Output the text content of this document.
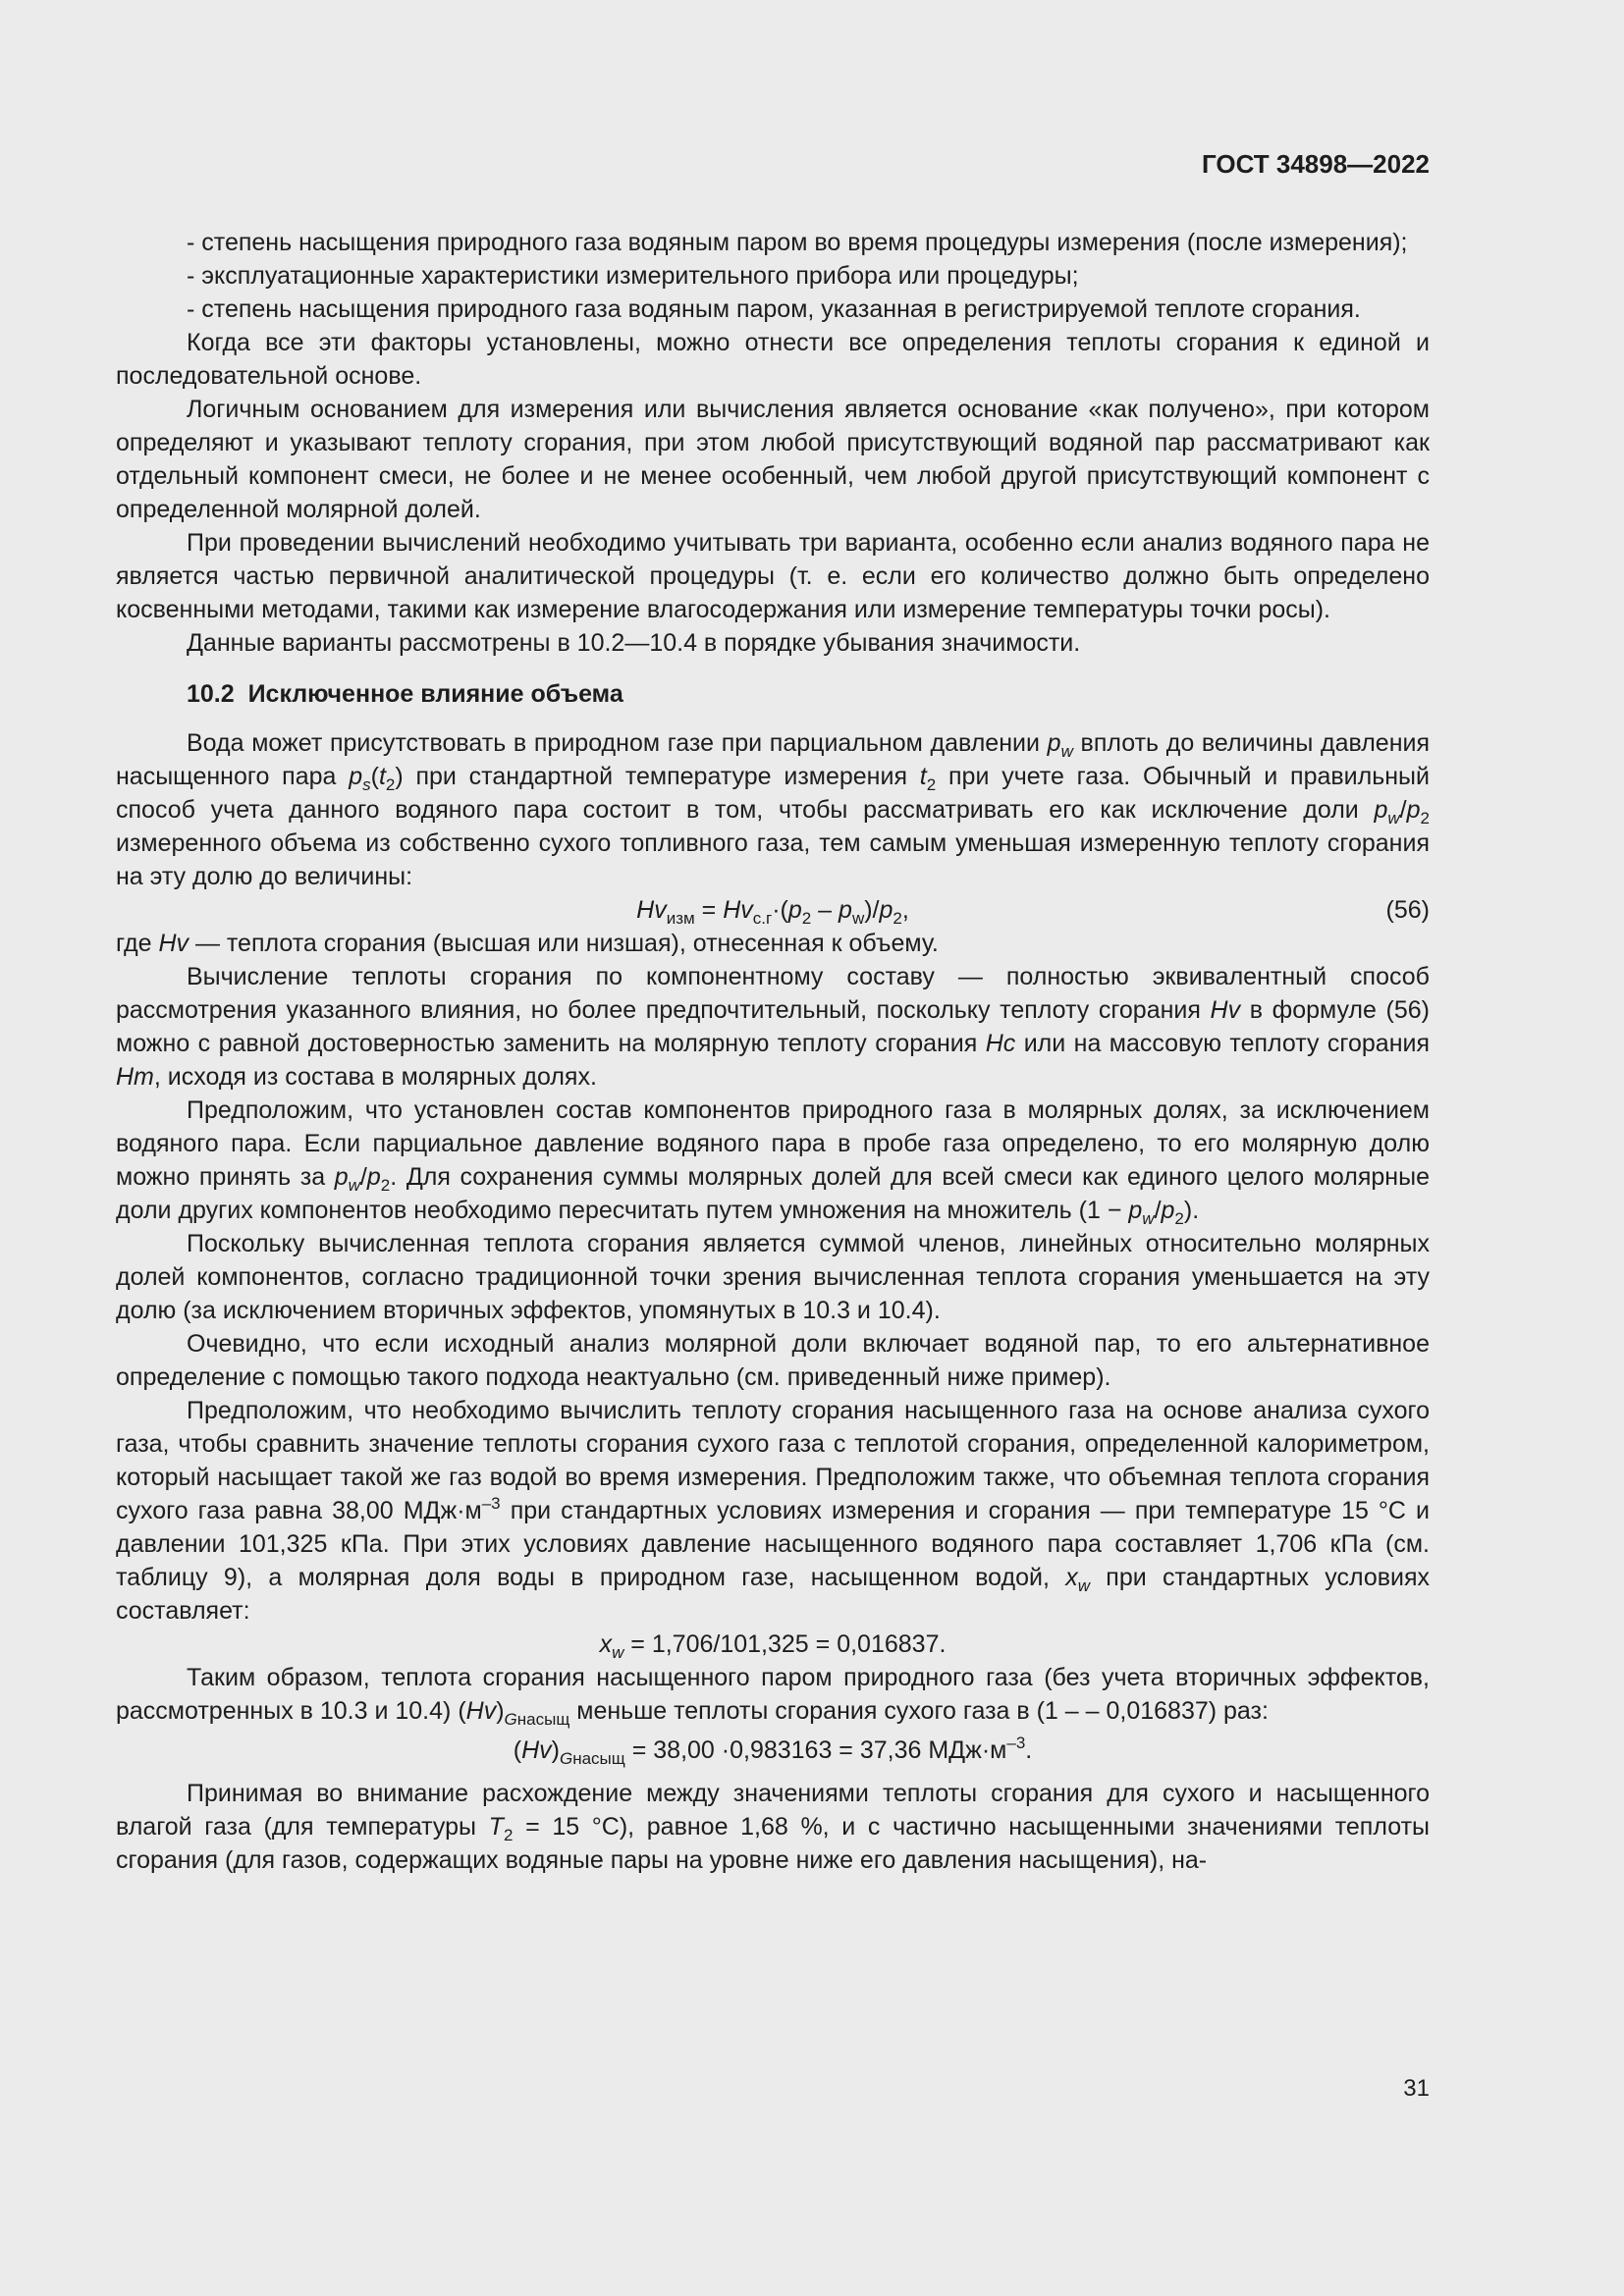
ГОСТ 34898—2022

- степень насыщения природного газа водяным паром во время процедуры измерения (после измерения);

- эксплуатационные характеристики измерительного прибора или процедуры;

- степень насыщения природного газа водяным паром, указанная в регистрируемой теплоте сгорания.

Когда все эти факторы установлены, можно отнести все определения теплоты сгорания к единой и последовательной основе.

Логичным основанием для измерения или вычисления является основание «как получено», при котором определяют и указывают теплоту сгорания, при этом любой присутствующий водяной пар рассматривают как отдельный компонент смеси, не более и не менее особенный, чем любой другой присутствующий компонент с определенной молярной долей.

При проведении вычислений необходимо учитывать три варианта, особенно если анализ водяного пара не является частью первичной аналитической процедуры (т. е. если его количество должно быть определено косвенными методами, такими как измерение влагосодержания или измерение температуры точки росы).

Данные варианты рассмотрены в 10.2—10.4 в порядке убывания значимости.

10.2 Исключенное влияние объема

Вода может присутствовать в природном газе при парциальном давлении $p_w$ вплоть до величины давления насыщенного пара $p_s(t_2)$ при стандартной температуре измерения $t_2$ при учете газа. Обычный и правильный способ учета данного водяного пара состоит в том, чтобы рассматривать его как исключение доли $p_w/p_2$ измеренного объема из собственно сухого топливного газа, тем самым уменьшая измеренную теплоту сгорания на эту долю до величины:

$Hv_{изм} = Hv_{с.г}\cdot(p_2 - p_w)/p_2$,	(56)

где Hv — теплота сгорания (высшая или низшая), отнесенная к объему.

Вычисление теплоты сгорания по компонентному составу — полностью эквивалентный способ рассмотрения указанного влияния, но более предпочтительный, поскольку теплоту сгорания Hv в формуле (56) можно с равной достоверностью заменить на молярную теплоту сгорания Hc или на массовую теплоту сгорания Hm, исходя из состава в молярных долях.

Предположим, что установлен состав компонентов природного газа в молярных долях, за исключением водяного пара. Если парциальное давление водяного пара в пробе газа определено, то его молярную долю можно принять за $p_w/p_2$. Для сохранения суммы молярных долей для всей смеси как единого целого молярные доли других компонентов необходимо пересчитать путем умножения на множитель $(1 - p_w/p_2)$.

Поскольку вычисленная теплота сгорания является суммой членов, линейных относительно молярных долей компонентов, согласно традиционной точки зрения вычисленная теплота сгорания уменьшается на эту долю (за исключением вторичных эффектов, упомянутых в 10.3 и 10.4).

Очевидно, что если исходный анализ молярной доли включает водяной пар, то его альтернативное определение с помощью такого подхода неактуально (см. приведенный ниже пример).

Предположим, что необходимо вычислить теплоту сгорания насыщенного газа на основе анализа сухого газа, чтобы сравнить значение теплоты сгорания сухого газа с теплотой сгорания, определенной калориметром, который насыщает такой же газ водой во время измерения. Предположим также, что объемная теплота сгорания сухого газа равна 38,00 $МДж\cdot м^{-3}$ при стандартных условиях измерения и сгорания — при температуре 15 °С и давлении 101,325 кПа. При этих условиях давление насыщенного водяного пара составляет 1,706 кПа (см. таблицу 9), а молярная доля воды в природном газе, насыщенном водой, $x_w$ при стандартных условиях составляет:

$x_w = 1,706/101,325 = 0,016837$.

Таким образом, теплота сгорания насыщенного паром природного газа (без учета вторичных эффектов, рассмотренных в 10.3 и 10.4) $(Hv)_{Gнасыщ}$ меньше теплоты сгорания сухого газа в (1 – – 0,016837) раз:

$(Hv)_{Gнасыщ} = 38,00 \cdot 0,983163 = 37,36$ $МДж\cdot м^{-3}$.

Принимая во внимание расхождение между значениями теплоты сгорания для сухого и насыщенного влагой газа (для температуры $T_2 = 15$ °С), равное 1,68 %, и с частично насыщенными значениями теплоты сгорания (для газов, содержащих водяные пары на уровне ниже его давления насыщения), на-

31
